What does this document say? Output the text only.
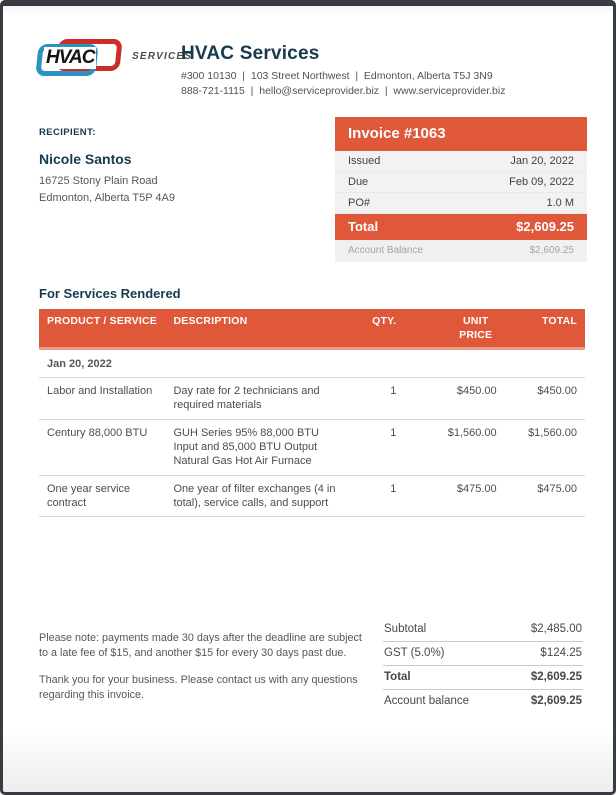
HVAC	SERVICES
HVAC Services

#300 10130  |  103 Street Northwest  |  Edmonton, Alberta T5J 3N9

888-721-1115  |  hello@serviceprovider.biz  |  www.serviceprovider.biz

RECIPIENT:
Nicole Santos
16725 Stony Plain Road
Edmonton, Alberta T5P 4A9
Invoice #1063
Issued	Jan 20, 2022
Due	Feb 09, 2022
PO#	1.0 M
Total	$2,609.25
Account Balance	$2,609.25
For Services Rendered
PRODUCT / SERVICE	DESCRIPTION	QTY.	UNIT PRICE	TOTAL
Jan 20, 2022				
Labor and Installation	Day rate for 2 technicians and required materials	1	$450.00	$450.00
Century 88,000 BTU	GUH Series 95% 88,000 BTU Input and 85,000 BTU Output Natural Gas Hot Air Furnace	1	$1,560.00	$1,560.00
One year service contract	One year of filter exchanges (4 in total), service calls, and support	1	$475.00	$475.00

Please note: payments made 30 days after the deadline are subject to a late fee of $15, and another $15 for every 30 days past due.

Thank you for your business. Please contact us with any questions regarding this invoice.

Subtotal	$2,485.00
GST (5.0%)	$124.25
Total	$2,609.25
Account balance	$2,609.25
